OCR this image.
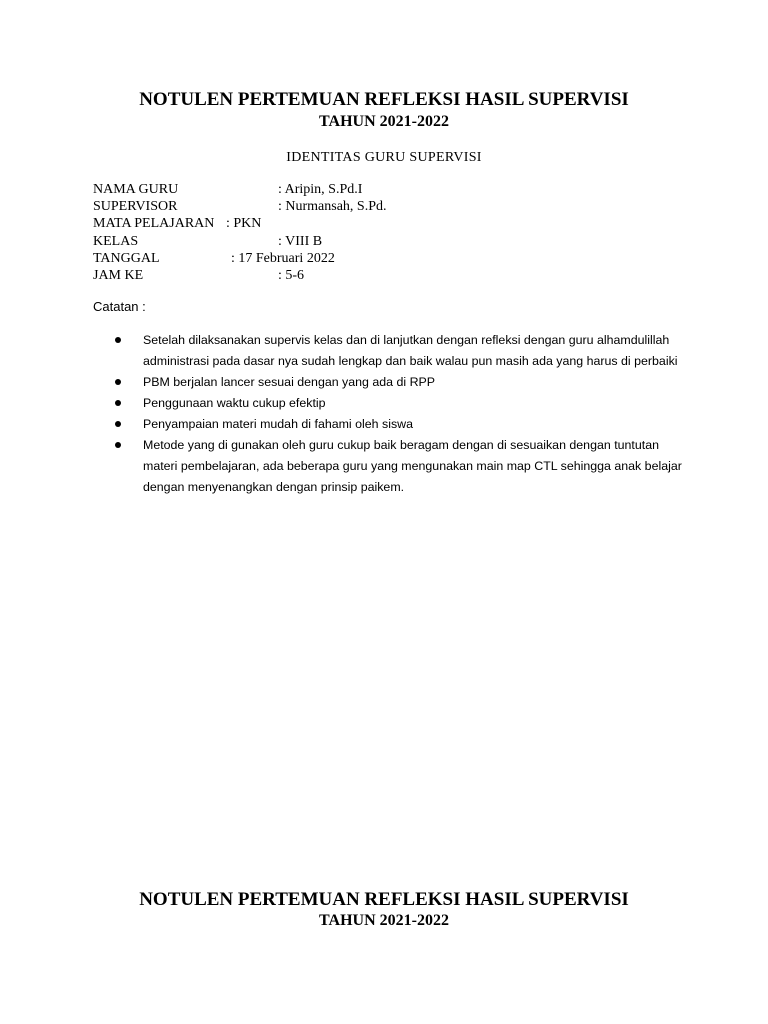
NOTULEN PERTEMUAN REFLEKSI HASIL SUPERVISI
TAHUN 2021-2022
IDENTITAS GURU SUPERVISI
NAMA GURU	: Aripin, S.Pd.I
SUPERVISOR	: Nurmansah, S.Pd.
MATA PELAJARAN : PKN
KELAS	: VIII B
TANGGAL	: 17 Februari 2022
JAM KE	: 5-6
Catatan :
Setelah dilaksanakan supervis kelas dan di lanjutkan dengan refleksi dengan guru alhamdulillah administrasi pada dasar nya sudah lengkap dan baik walau pun masih ada yang harus di perbaiki
PBM berjalan lancer sesuai dengan yang ada di RPP
Penggunaan waktu cukup efektip
Penyampaian materi mudah di fahami oleh siswa
Metode yang di gunakan oleh guru cukup baik beragam dengan di sesuaikan dengan tuntutan materi pembelajaran, ada beberapa guru yang mengunakan main map CTL sehingga anak belajar dengan menyenangkan dengan prinsip paikem.
NOTULEN PERTEMUAN REFLEKSI HASIL SUPERVISI
TAHUN 2021-2022
